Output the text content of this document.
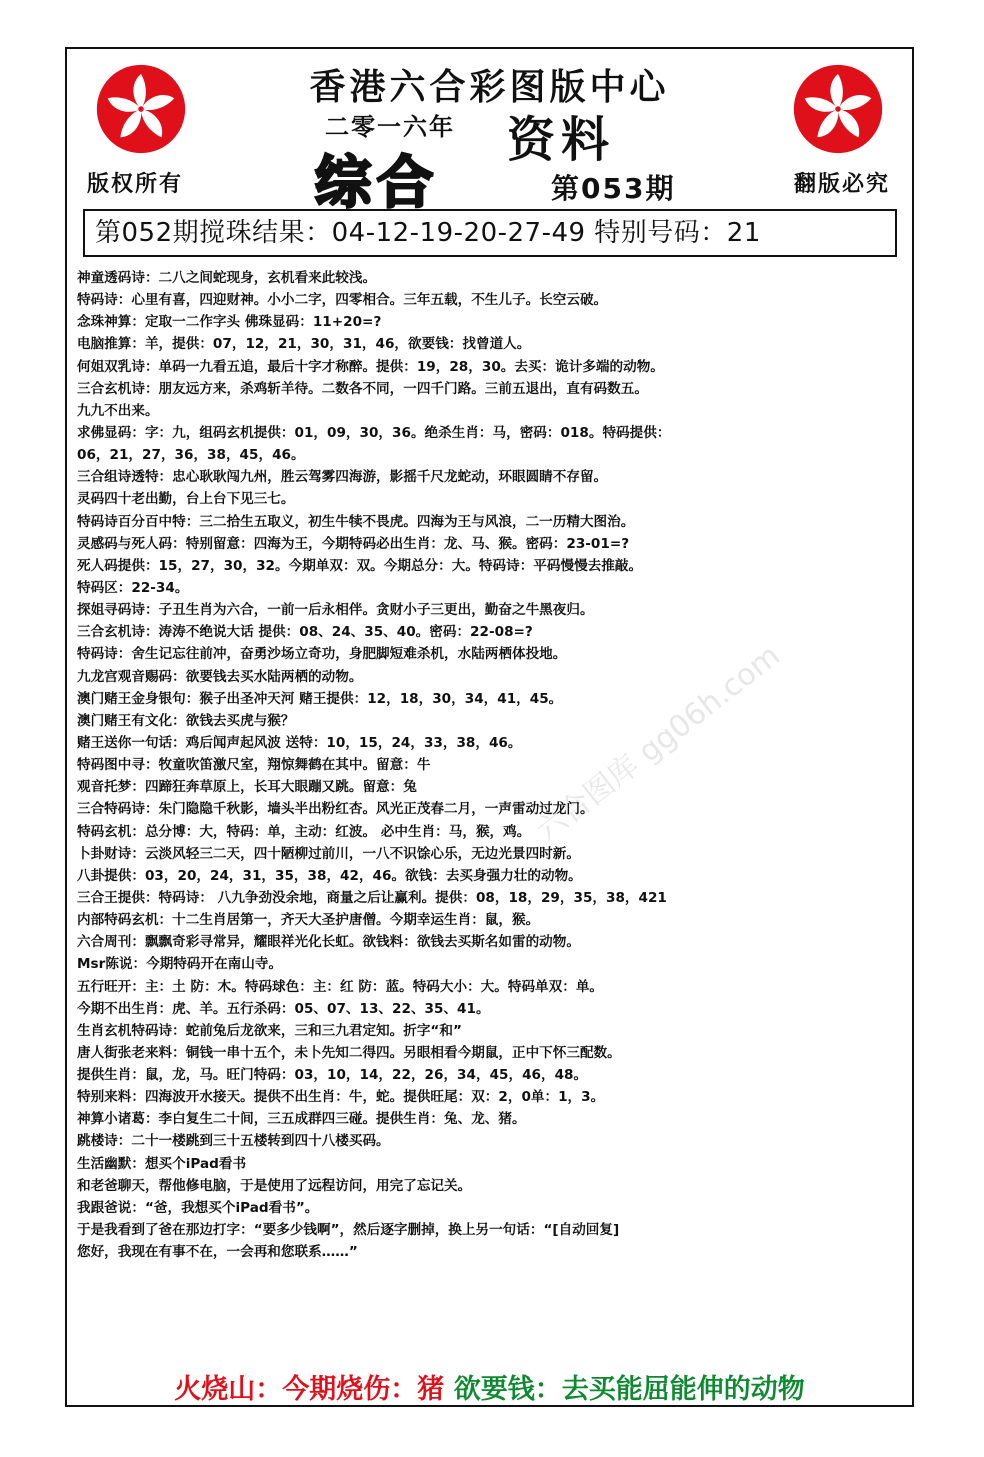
香港六合彩图版中心
二零一六年 资料
综合	第053期
版权所有	翻版必究
第052期搅珠结果：04-12-19-20-27-49 特别号码：21
神童透码诗：二八之间蛇现身，玄机看来此较浅。
特码诗：心里有喜，四迎财神。小小二字，四零相合。三年五载，不生儿子。长空云破。
念珠神算：定取一二作字头 佛珠显码：11+20=?
电脑推算：羊，提供：07，12，21，30，31，46，欲要钱：找曾道人。
何姐双乳诗：单码一九看五追，最后十字才称醉。提供：19，28，30。去买：诡计多端的动物。
三合玄机诗：朋友远方来，杀鸡斩羊待。二数各不同，一四千门路。三前五退出，直有码数五。
九九不出来。
求佛显码：字：九，组码玄机提供：01，09，30，36。绝杀生肖：马，密码：018。特码提供：
06，21，27，36，38，45，46。
三合组诗透特：忠心耿耿闯九州，胜云驾雾四海游，影摇千尺龙蛇动，环眼圆睛不存留。
灵码四十老出勤，台上台下见三七。
特码诗百分百中特：三二拾生五取义，初生牛犊不畏虎。四海为王与风浪，二一历精大图治。
灵感码与死人码：特别留意：四海为王，今期特码必出生肖：龙、马、猴。密码：23-01=?
死人码提供：15，27，30，32。今期单双：双。今期总分：大。特码诗：平码慢慢去推敲。
特码区：22-34。
探姐寻码诗：子丑生肖为六合，一前一后永相伴。贪财小子三更出，勤奋之牛黑夜归。
三合玄机诗：涛涛不绝说大话 提供：08、24、35、40。密码：22-08=?
特码诗：舍生记忘往前冲，奋勇沙场立奇功，身肥脚短难杀机，水陆两栖体投地。
九龙宫观音赐码：欲要钱去买水陆两栖的动物。
澳门赌王金身银句：猴子出圣冲天河 赌王提供：12，18，30，34，41，45。
澳门赌王有文化：欲钱去买虎与猴？
赌王送你一句话：鸡后闻声起风波 送特：10，15，24，33，38，46。
特码图中寻：牧童吹笛激尺室，翔惊舞鹤在其中。留意：牛
观音托梦：四蹄狂奔草原上，长耳大眼蹦又跳。留意：兔
三合特码诗：朱门隐隐千秋影，墙头半出粉红杏。风光正茂春二月，一声雷动过龙门。
特码玄机：总分博：大，特码：单，主动：红波。 必中生肖：马，猴，鸡。
卜卦财诗：云淡风轻三二天，四十陋柳过前川，一八不识馀心乐，无边光景四时新。
八卦提供：03，20，24，31，35，38，42，46。欲钱：去买身强力壮的动物。
三合王提供：特码诗： 八九争劲没余地，商量之后让赢利。提供：08，18，29，35，38，421
内部特码玄机：十二生肖居第一，齐天大圣护唐僧。今期幸运生肖：鼠，猴。
六合周刊：飘飘奇彩寻常异，耀眼祥光化长虹。欲钱料：欲钱去买斯名如雷的动物。
Msr陈说：今期特码开在南山寺。
五行旺开：主：土 防：木。特码球色：主：红 防：蓝。特码大小：大。特码单双：单。
今期不出生肖：虎、羊。五行杀码：05、07、13、22、35、41。
生肖玄机特码诗：蛇前兔后龙欲来，三和三九君定知。折字“和”
唐人街张老来料：铜钱一串十五个，未卜先知二得四。另眼相看今期鼠，正中下怀三配数。
提供生肖：鼠，龙，马。旺门特码：03，10，14，22，26，34，45，46，48。
特别来料：四海波开水接天。提供不出生肖：牛，蛇。提供旺尾：双：2，0单：1，3。
神算小诸葛：李白复生二十间，三五成群四三碰。提供生肖：兔、龙、猪。
跳楼诗：二十一楼跳到三十五楼转到四十八楼买码。
生活幽默：想买个iPad看书
和老爸聊天，帮他修电脑，于是使用了远程访问，用完了忘记关。
我跟爸说：“爸，我想买个iPad看书”。
于是我看到了爸在那边打字：“要多少钱啊”，然后逐字删掉，换上另一句话：“[自动回复]
您好，我现在有事不在，一会再和您联系……”
六合图库 gg06h.com
火烧山：今期烧伤：猪 欲要钱：去买能屈能伸的动物
